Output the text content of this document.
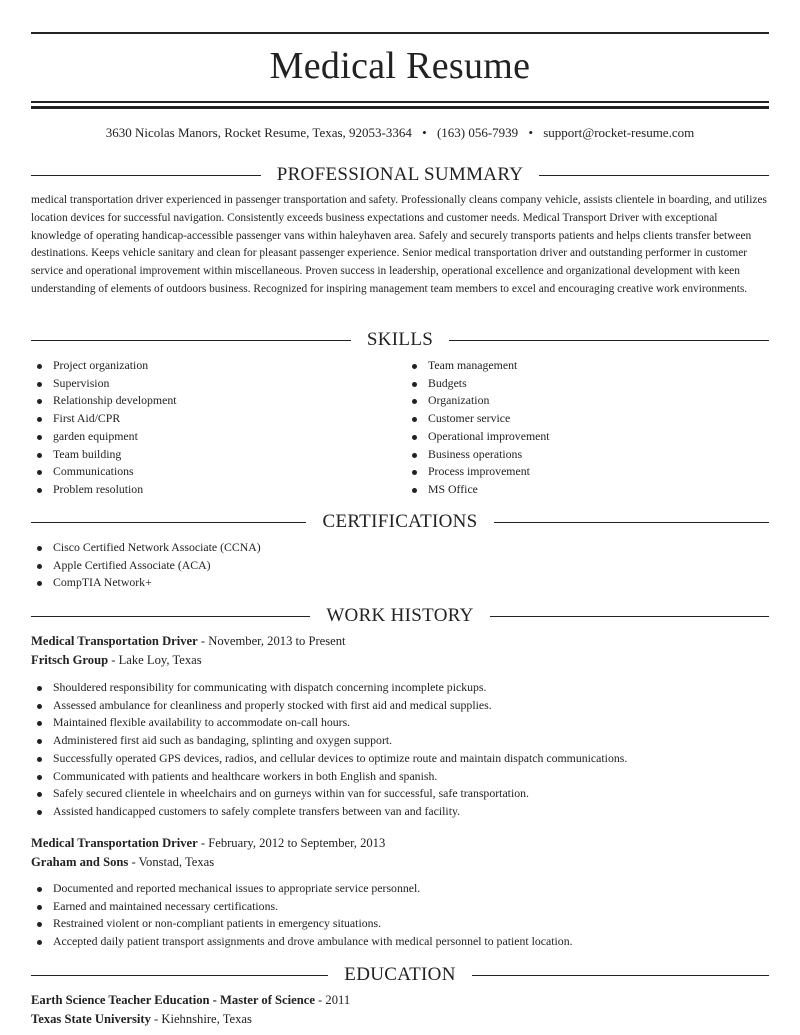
Medical Resume
3630 Nicolas Manors, Rocket Resume, Texas, 92053-3364 • (163) 056-7939 • support@rocket-resume.com
PROFESSIONAL SUMMARY

medical transportation driver experienced in passenger transportation and safety. Professionally cleans company vehicle, assists clientele in boarding, and utilizes location devices for successful navigation. Consistently exceeds business expectations and customer needs. Medical Transport Driver with exceptional knowledge of operating handicap-accessible passenger vans within haleyhaven area. Safely and securely transports patients and helps clients transfer between destinations. Keeps vehicle sanitary and clean for pleasant passenger experience. Senior medical transportation driver and outstanding performer in customer service and operational improvement within miscellaneous. Proven success in leadership, operational excellence and organizational development with keen understanding of elements of outdoors business. Recognized for inspiring management team members to excel and encouraging creative work environments.

SKILLS
Project organization
Supervision
Relationship development
First Aid/CPR
garden equipment
Team building
Communications
Problem resolution
Team management
Budgets
Organization
Customer service
Operational improvement
Business operations
Process improvement
MS Office
CERTIFICATIONS
Cisco Certified Network Associate (CCNA)
Apple Certified Associate (ACA)
CompTIA Network+
WORK HISTORY
Medical Transportation Driver - November, 2013 to Present
Fritsch Group - Lake Loy, Texas
Shouldered responsibility for communicating with dispatch concerning incomplete pickups.
Assessed ambulance for cleanliness and properly stocked with first aid and medical supplies.
Maintained flexible availability to accommodate on-call hours.
Administered first aid such as bandaging, splinting and oxygen support.
Successfully operated GPS devices, radios, and cellular devices to optimize route and maintain dispatch communications.
Communicated with patients and healthcare workers in both English and spanish.
Safely secured clientele in wheelchairs and on gurneys within van for successful, safe transportation.
Assisted handicapped customers to safely complete transfers between van and facility.
Medical Transportation Driver - February, 2012 to September, 2013
Graham and Sons - Vonstad, Texas
Documented and reported mechanical issues to appropriate service personnel.
Earned and maintained necessary certifications.
Restrained violent or non-compliant patients in emergency situations.
Accepted daily patient transport assignments and drove ambulance with medical personnel to patient location.
EDUCATION
Earth Science Teacher Education - Master of Science - 2011
Texas State University - Kiehnshire, Texas
